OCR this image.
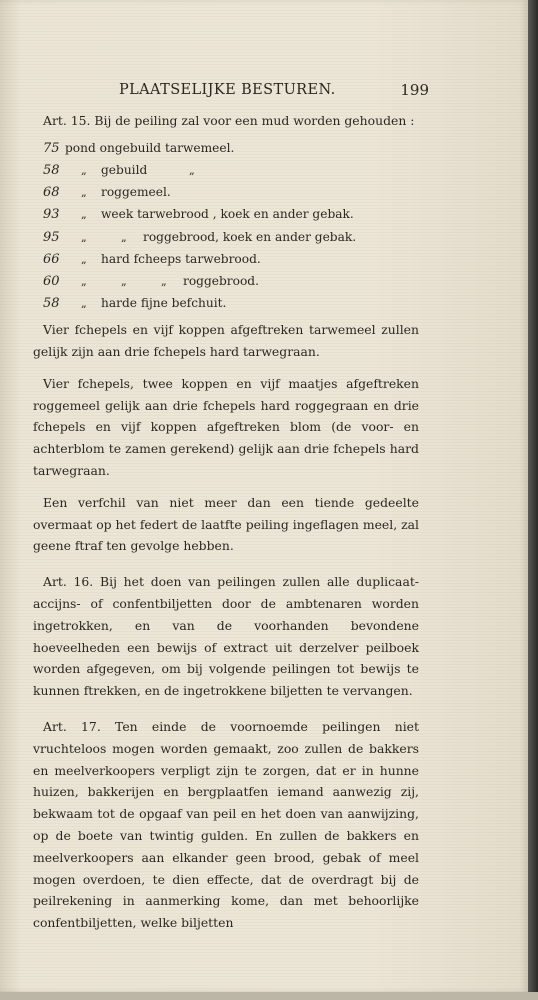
PLAATSELIJKE BESTUREN.	199

Art. 15. Bij de peiling zal voor een mud worden gehouden :

75 pond ongebuild tarwemeel.
58 „ gebuild	„
68 „ roggemeel.
93 „ week tarwebrood , koek en ander gebak.
95 „	„ roggebrood, koek en ander gebak.
66 „ hard fcheeps tarwebrood.
60 „	„	„ roggebrood.
58 „ harde fijne befchuit.

Vier fchepels en vijf koppen afgeftreken tarwemeel zullen gelijk zijn aan drie fchepels hard tarwegraan.

Vier fchepels, twee koppen en vijf maatjes afgeftreken roggemeel gelijk aan drie fchepels hard roggegraan en drie fchepels en vijf koppen afgeftreken blom (de voor- en achterblom te zamen gerekend) gelijk aan drie fchepels hard tarwegraan.

Een verfchil van niet meer dan een tiende gedeelte overmaat op het federt de laatfte peiling ingeflagen meel, zal geene ftraf ten gevolge hebben.

Art. 16. Bij het doen van peilingen zullen alle duplicaat-accijns- of confentbiljetten door de ambtenaren worden ingetrokken, en van de voorhanden bevondene hoeveelheden een bewijs of extract uit derzelver peilboek worden afgegeven, om bij volgende peilingen tot bewijs te kunnen ftrekken, en de ingetrokkene biljetten te vervangen.

Art. 17. Ten einde de voornoemde peilingen niet vruchteloos mogen worden gemaakt, zoo zullen de bakkers en meelverkoopers verpligt zijn te zorgen, dat er in hunne huizen, bakkerijen en bergplaatfen iemand aanwezig zij, bekwaam tot de opgaaf van peil en het doen van aanwijzing, op de boete van twintig gulden. En zullen de bakkers en meelverkoopers aan elkander geen brood, gebak of meel mogen overdoen, te dien effecte, dat de overdragt bij de peilrekening in aanmerking kome, dan met behoorlijke confentbiljetten, welke biljetten
